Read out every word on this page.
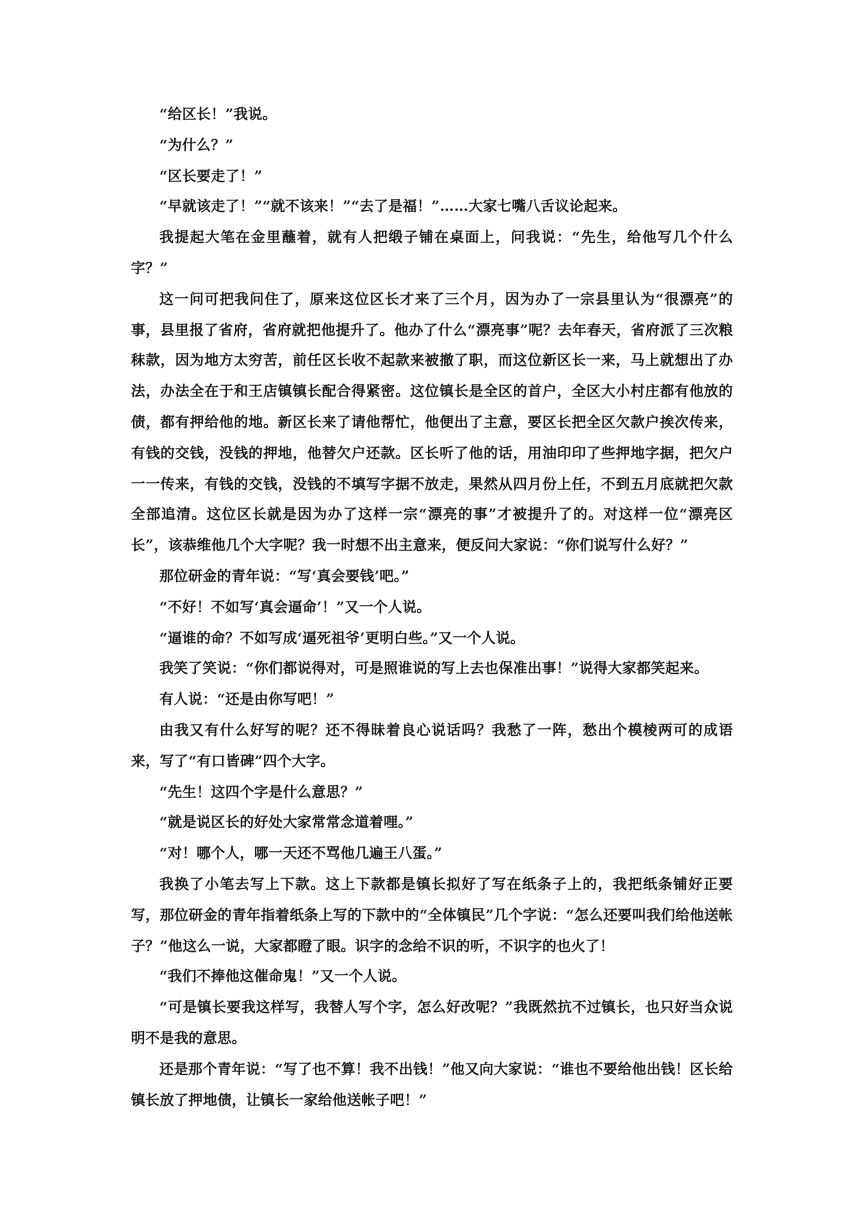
“给区长！”我说。

“为什么？”

“区长要走了！”

“早就该走了！”“就不该来！”“去了是福！”……大家七嘴八舌议论起来。

我提起大笔在金里蘸着，就有人把缎子铺在桌面上，问我说：“先生，给他写几个什么字？”

这一问可把我问住了，原来这位区长才来了三个月，因为办了一宗县里认为“很漂亮”的事，县里报了省府，省府就把他提升了。他办了什么“漂亮事”呢？去年春天，省府派了三次粮秣款，因为地方太穷苦，前任区长收不起款来被撤了职，而这位新区长一来，马上就想出了办法，办法全在于和王店镇镇长配合得紧密。这位镇长是全区的首户，全区大小村庄都有他放的债，都有押给他的地。新区长来了请他帮忙，他便出了主意，要区长把全区欠款户挨次传来，有钱的交钱，没钱的押地，他替欠户还款。区长听了他的话，用油印印了些押地字据，把欠户一一传来，有钱的交钱，没钱的不填写字据不放走，果然从四月份上任，不到五月底就把欠款全部追清。这位区长就是因为办了这样一宗“漂亮的事”才被提升了的。对这样一位“漂亮区长”，该恭维他几个大字呢？我一时想不出主意来，便反问大家说：“你们说写什么好？”

那位研金的青年说：“写‘真会要钱’吧。”

“不好！不如写‘真会逼命’！”又一个人说。

“逼谁的命？不如写成‘逼死祖爷’更明白些。”又一个人说。

我笑了笑说：“你们都说得对，可是照谁说的写上去也保准出事！”说得大家都笑起来。

有人说：“还是由你写吧！”

由我又有什么好写的呢？还不得昧着良心说话吗？我愁了一阵，愁出个模棱两可的成语来，写了“有口皆碑”四个大字。

“先生！这四个字是什么意思？”

“就是说区长的好处大家常常念道着哩。”

“对！哪个人，哪一天还不骂他几遍王八蛋。”

我换了小笔去写上下款。这上下款都是镇长拟好了写在纸条子上的，我把纸条铺好正要写，那位研金的青年指着纸条上写的下款中的“全体镇民”几个字说：“怎么还要叫我们给他送帐子？”他这么一说，大家都瞪了眼。识字的念给不识的听，不识字的也火了！

“我们不捧他这催命鬼！”又一个人说。

“可是镇长要我这样写，我替人写个字，怎么好改呢？”我既然抗不过镇长，也只好当众说明不是我的意思。

还是那个青年说：“写了也不算！我不出钱！”他又向大家说：“谁也不要给他出钱！区长给镇长放了押地债，让镇长一家给他送帐子吧！”
